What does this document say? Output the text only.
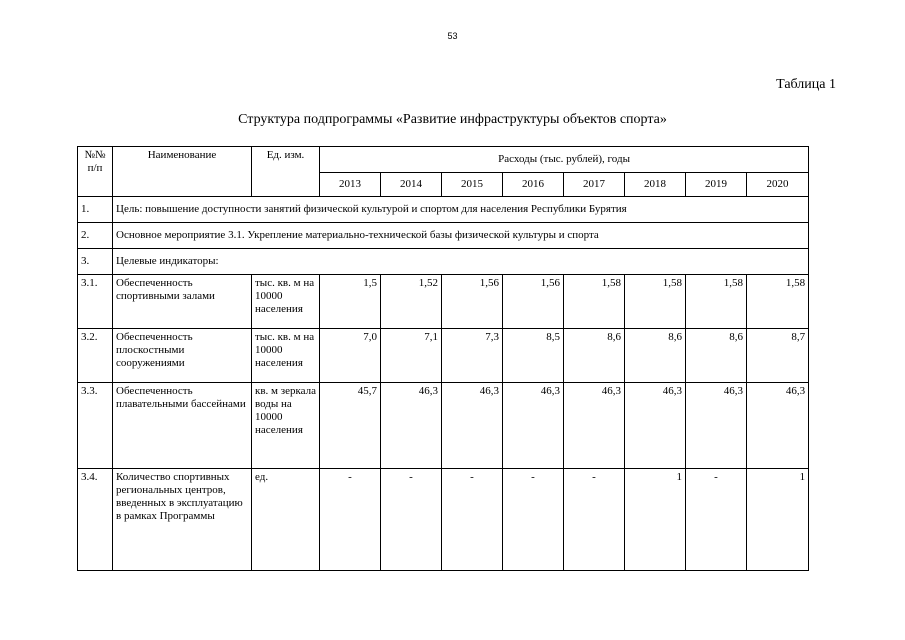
53
Таблица 1
Структура подпрограммы «Развитие инфраструктуры объектов спорта»
№№ п/п	Наименование	Ед. изм.	Расходы (тыс. рублей), годы							
			2013	2014	2015	2016	2017	2018	2019	2020
1.	Цель: повышение доступности занятий физической культурой и спортом для населения Республики Бурятия									
2.	Основное мероприятие 3.1. Укрепление материально-технической базы физической культуры и спорта									
3.	Целевые индикаторы:									
3.1.	Обеспеченность спортивными залами	тыс. кв. м на 10000 населения	1,5	1,52	1,56	1,56	1,58	1,58	1,58	1,58
3.2.	Обеспеченность плоскостными сооружениями	тыс. кв. м на 10000 населения	7,0	7,1	7,3	8,5	8,6	8,6	8,6	8,7
3.3.	Обеспеченность плавательными бассейнами	кв. м зеркала воды на 10000 населения	45,7	46,3	46,3	46,3	46,3	46,3	46,3	46,3
3.4.	Количество спортивных региональных центров, введенных в эксплуатацию в рамках Программы	ед.	-	-	-	-	-	1	-	1
